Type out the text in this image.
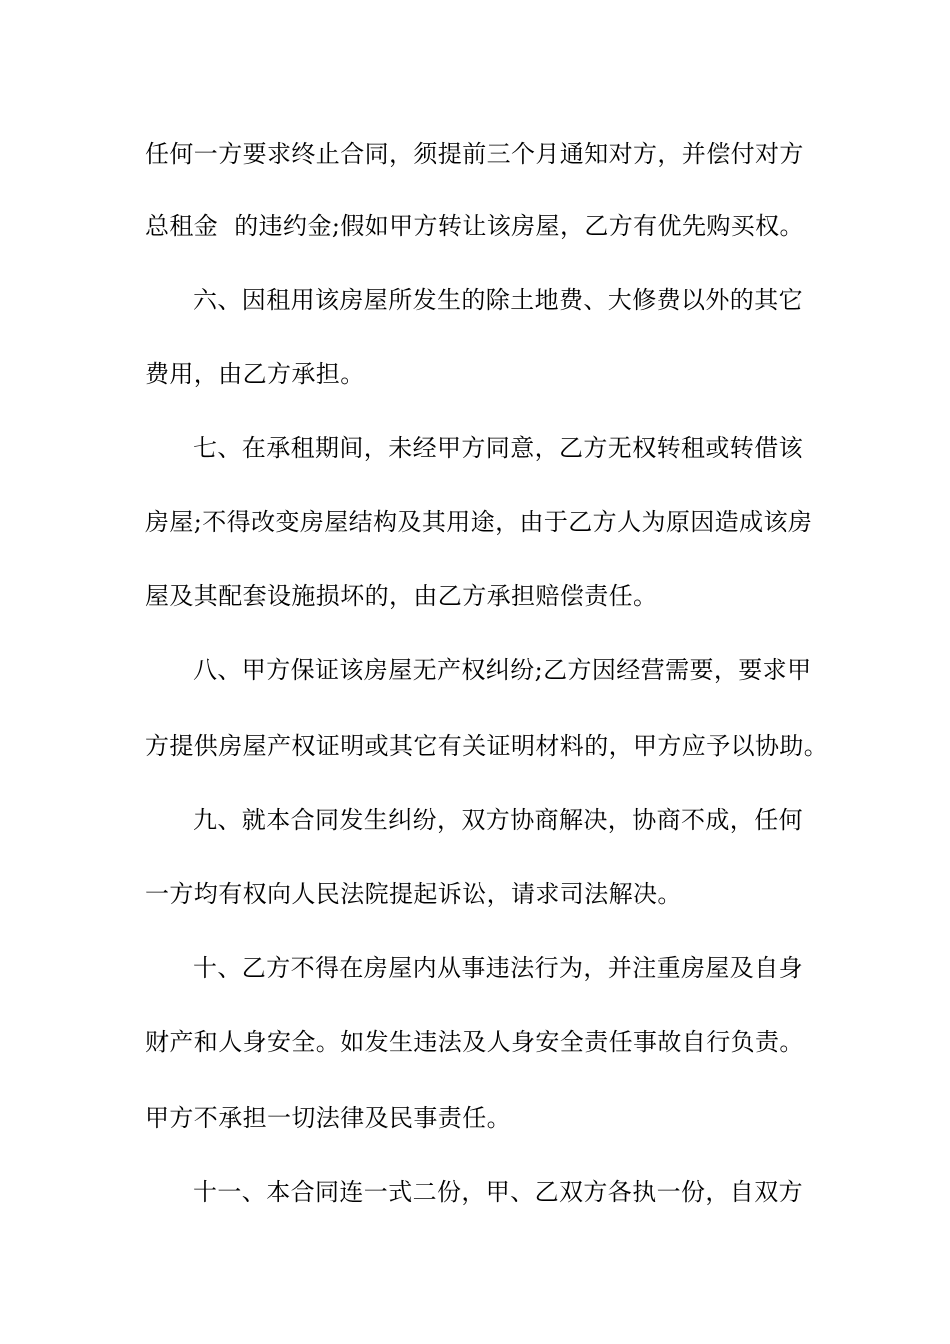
任何一方要求终止合同，须提前三个月通知对方，并偿付对方
总租金  的违约金;假如甲方转让该房屋，乙方有优先购买权。
六、因租用该房屋所发生的除土地费、大修费以外的其它
费用，由乙方承担。
七、在承租期间，未经甲方同意，乙方无权转租或转借该
房屋;不得改变房屋结构及其用途，由于乙方人为原因造成该房
屋及其配套设施损坏的，由乙方承担赔偿责任。
八、甲方保证该房屋无产权纠纷;乙方因经营需要，要求甲
方提供房屋产权证明或其它有关证明材料的，甲方应予以协助。
九、就本合同发生纠纷，双方协商解决，协商不成，任何
一方均有权向人民法院提起诉讼，请求司法解决。
十、乙方不得在房屋内从事违法行为，并注重房屋及自身
财产和人身安全。如发生违法及人身安全责任事故自行负责。
甲方不承担一切法律及民事责任。
十一、本合同连一式二份，甲、乙双方各执一份，自双方
